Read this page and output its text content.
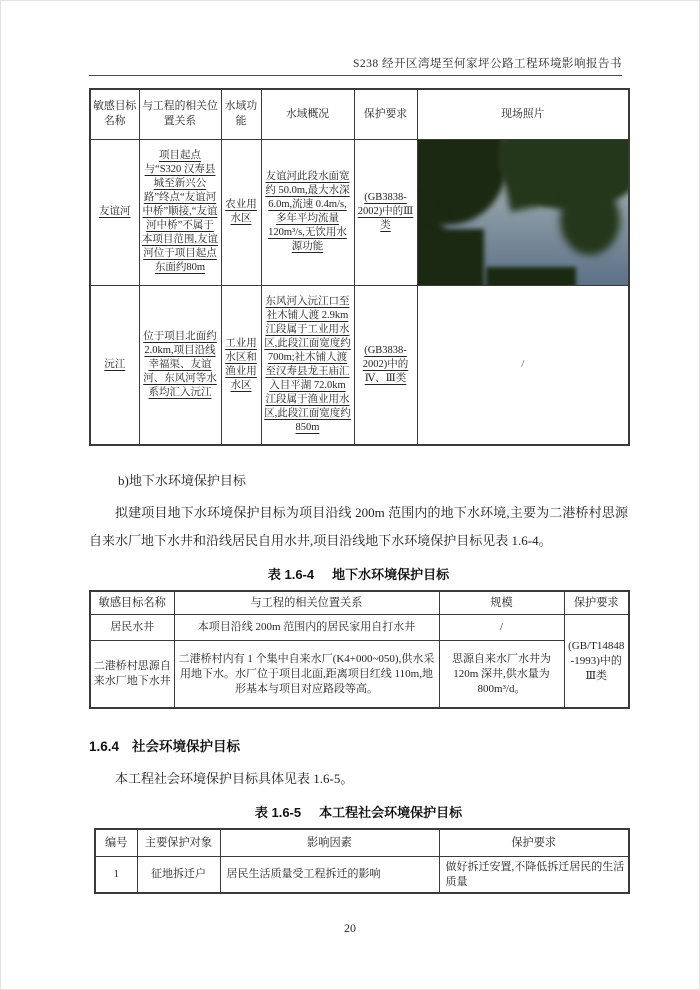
S238 经开区湾堤至何家坪公路工程环境影响报告书
敏感目标名称	与工程的相关位置关系	水域功能	水域概况	保护要求	现场照片
友谊河	项目起点与“S320 汉寿县城至新兴公路”终点“友谊河中桥”顺接,“友谊河中桥”不属于本项目范围,友谊河位于项目起点东面约80m	农业用水区	友谊河此段水面宽约 50.0m,最大水深 6.0m,流速 0.4m/s,多年平均流量 120m³/s,无饮用水源功能	(GB3838-2002)中的Ⅲ类	

沅江	位于项目北面约 2.0km,项目沿线幸福渠、友谊河、东风河等水系均汇入沅江	工业用水区和渔业用水区	东风河入沅江口至社木铺人渡 2.9km 江段属于工业用水区,此段江面宽度约 700m;社木铺人渡至汉寿县龙王庙汇入目平湖 72.0km 江段属于渔业用水区,此段江面宽度约850m	(GB3838-2002)中的Ⅳ、Ⅲ类	/
b)地下水环境保护目标
拟建项目地下水环境保护目标为项目沿线 200m 范围内的地下水环境,主要为二港桥村思源自来水厂地下水井和沿线居民自用水井,项目沿线地下水环境保护目标见表 1.6-4。
表 1.6-4 地下水环境保护目标
敏感目标名称	与工程的相关位置关系	规模	保护要求
居民水井	本项目沿线 200m 范围内的居民家用自打水井	/	(GB/T14848-1993)中的Ⅲ类
二港桥村思源自来水厂地下水井	二港桥村内有 1 个集中自来水厂(K4+000~050),供水采用地下水。水厂位于项目北面,距离项目红线 110m,地形基本与项目对应路段等高。	思源自来水厂水井为 120m 深井,供水量为 800m³/d。	
1.6.4 社会环境保护目标
本工程社会环境保护目标具体见表 1.6-5。
表 1.6-5 本工程社会环境保护目标
编号	主要保护对象	影响因素	保护要求
1	征地拆迁户	居民生活质量受工程拆迁的影响	做好拆迁安置,不降低拆迁居民的生活质量
20
